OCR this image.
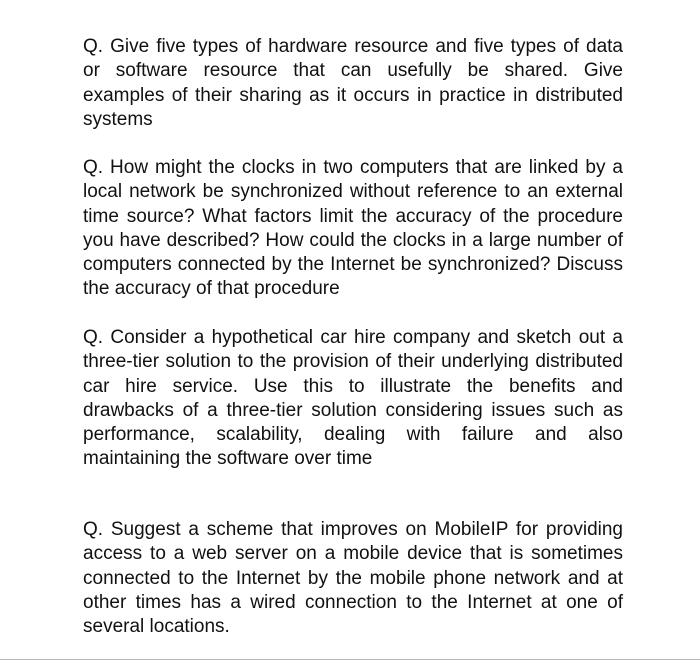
Q. Give five types of hardware resource and five types of data or software resource that can usefully be shared. Give examples of their sharing as it occurs in practice in distributed systems

Q. How might the clocks in two computers that are linked by a local network be synchronized without reference to an external time source? What factors limit the accuracy of the procedure you have described? How could the clocks in a large number of computers connected by the Internet be synchronized? Discuss the accuracy of that procedure

Q. Consider a hypothetical car hire company and sketch out a three-tier solution to the provision of their underlying distributed car hire service. Use this to illustrate the benefits and drawbacks of a three-tier solution considering issues such as performance, scalability, dealing with failure and also maintaining the software over time

Q. Suggest a scheme that improves on MobileIP for providing access to a web server on a mobile device that is sometimes connected to the Internet by the mobile phone network and at other times has a wired connection to the Internet at one of several locations.
